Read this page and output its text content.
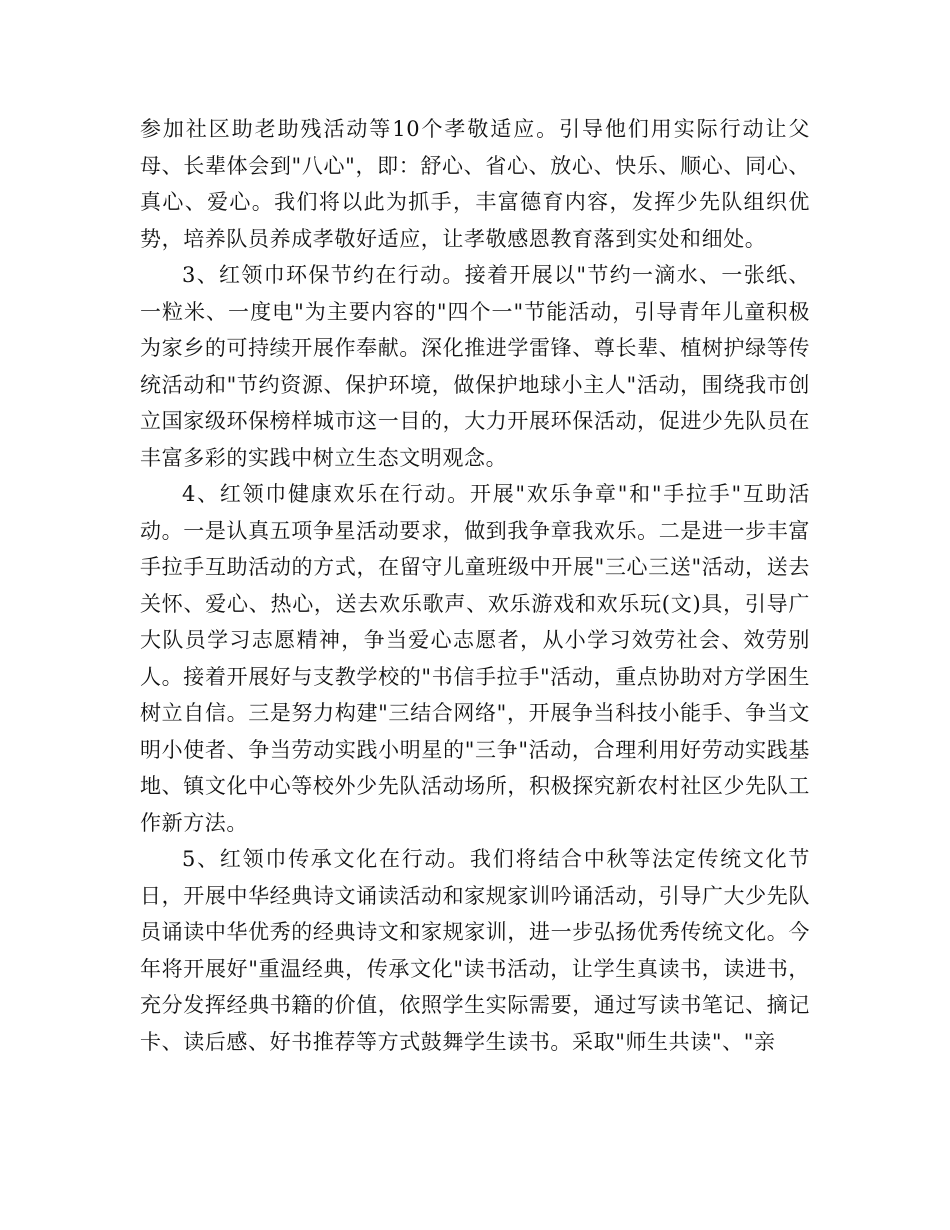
参加社区助老助残活动等10个孝敬适应。引导他们用实际行动让父母、长辈体会到"八心"，即：舒心、省心、放心、快乐、顺心、同心、真心、爱心。我们将以此为抓手，丰富德育内容，发挥少先队组织优势，培养队员养成孝敬好适应，让孝敬感恩教育落到实处和细处。

3、红领巾环保节约在行动。接着开展以"节约一滴水、一张纸、一粒米、一度电"为主要内容的"四个一"节能活动，引导青年儿童积极为家乡的可持续开展作奉献。深化推进学雷锋、尊长辈、植树护绿等传统活动和"节约资源、保护环境，做保护地球小主人"活动，围绕我市创立国家级环保榜样城市这一目的，大力开展环保活动，促进少先队员在丰富多彩的实践中树立生态文明观念。

4、红领巾健康欢乐在行动。开展"欢乐争章"和"手拉手"互助活动。一是认真五项争星活动要求，做到我争章我欢乐。二是进一步丰富手拉手互助活动的方式，在留守儿童班级中开展"三心三送"活动，送去关怀、爱心、热心，送去欢乐歌声、欢乐游戏和欢乐玩(文)具，引导广大队员学习志愿精神，争当爱心志愿者，从小学习效劳社会、效劳别人。接着开展好与支教学校的"书信手拉手"活动，重点协助对方学困生树立自信。三是努力构建"三结合网络"，开展争当科技小能手、争当文明小使者、争当劳动实践小明星的"三争"活动，合理利用好劳动实践基地、镇文化中心等校外少先队活动场所，积极探究新农村社区少先队工作新方法。

5、红领巾传承文化在行动。我们将结合中秋等法定传统文化节日，开展中华经典诗文诵读活动和家规家训吟诵活动，引导广大少先队员诵读中华优秀的经典诗文和家规家训，进一步弘扬优秀传统文化。今年将开展好"重温经典，传承文化"读书活动，让学生真读书，读进书，充分发挥经典书籍的价值，依照学生实际需要，通过写读书笔记、摘记卡、读后感、好书推荐等方式鼓舞学生读书。采取"师生共读"、"亲
